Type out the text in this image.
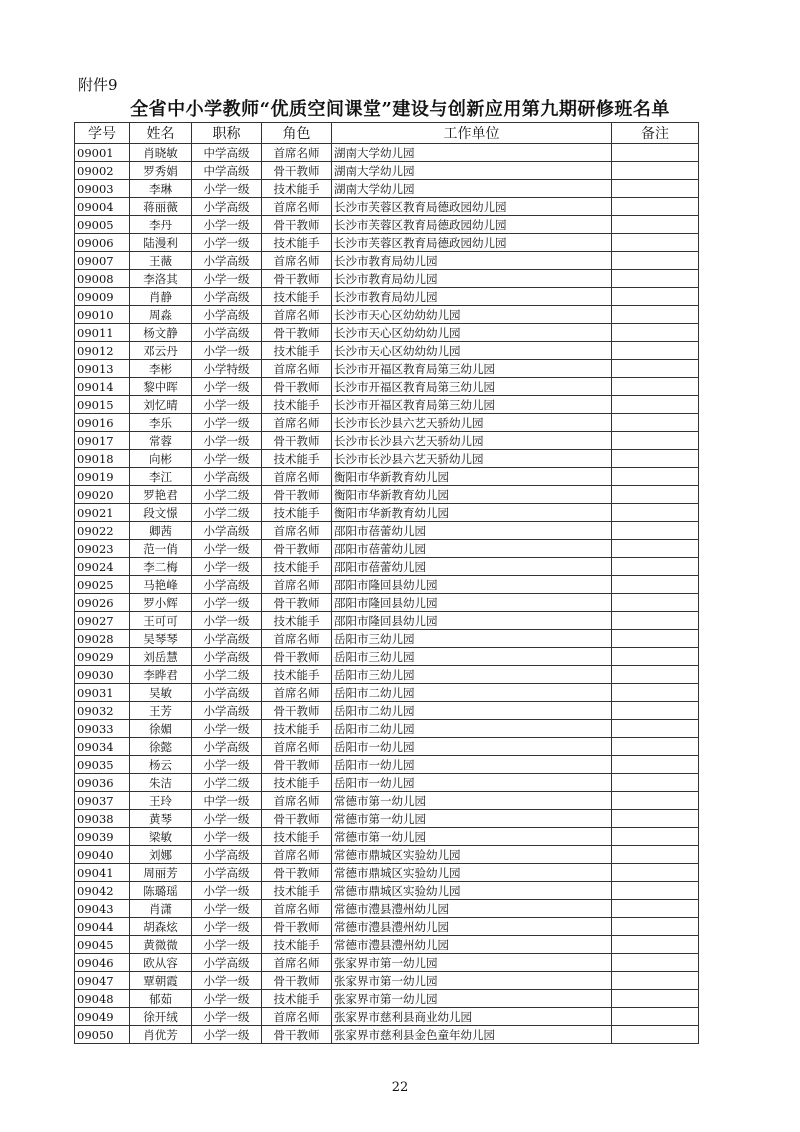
附件9
全省中小学教师“优质空间课堂”建设与创新应用第九期研修班名单
学号	姓名	职称	角色	工作单位	备注
09001	肖晓敏	中学高级	首席名师	湖南大学幼儿园	
09002	罗秀娟	中学高级	骨干教师	湖南大学幼儿园	
09003	李琳	小学一级	技术能手	湖南大学幼儿园	
09004	蒋丽薇	小学高级	首席名师	长沙市芙蓉区教育局德政园幼儿园	
09005	李丹	小学一级	骨干教师	长沙市芙蓉区教育局德政园幼儿园	
09006	陆漫利	小学一级	技术能手	长沙市芙蓉区教育局德政园幼儿园	
09007	王薇	小学高级	首席名师	长沙市教育局幼儿园	
09008	李洛其	小学一级	骨干教师	长沙市教育局幼儿园	
09009	肖静	小学高级	技术能手	长沙市教育局幼儿园	
09010	周淼	小学高级	首席名师	长沙市天心区幼幼幼儿园	
09011	杨文静	小学高级	骨干教师	长沙市天心区幼幼幼儿园	
09012	邓云丹	小学一级	技术能手	长沙市天心区幼幼幼儿园	
09013	李彬	小学特级	首席名师	长沙市开福区教育局第三幼儿园	
09014	黎中晖	小学一级	骨干教师	长沙市开福区教育局第三幼儿园	
09015	刘忆晴	小学一级	技术能手	长沙市开福区教育局第三幼儿园	
09016	李乐	小学一级	首席名师	长沙市长沙县六艺天骄幼儿园	
09017	常蓉	小学一级	骨干教师	长沙市长沙县六艺天骄幼儿园	
09018	向彬	小学一级	技术能手	长沙市长沙县六艺天骄幼儿园	
09019	李江	小学高级	首席名师	衡阳市华新教育幼儿园	
09020	罗艳君	小学二级	骨干教师	衡阳市华新教育幼儿园	
09021	段文憬	小学二级	技术能手	衡阳市华新教育幼儿园	
09022	卿茜	小学高级	首席名师	邵阳市蓓蕾幼儿园	
09023	范一俏	小学一级	骨干教师	邵阳市蓓蕾幼儿园	
09024	李二梅	小学一级	技术能手	邵阳市蓓蕾幼儿园	
09025	马艳峰	小学高级	首席名师	邵阳市隆回县幼儿园	
09026	罗小辉	小学一级	骨干教师	邵阳市隆回县幼儿园	
09027	王可可	小学一级	技术能手	邵阳市隆回县幼儿园	
09028	吴琴琴	小学高级	首席名师	岳阳市三幼儿园	
09029	刘岳慧	小学高级	骨干教师	岳阳市三幼儿园	
09030	李晔君	小学二级	技术能手	岳阳市三幼儿园	
09031	吴敏	小学高级	首席名师	岳阳市二幼儿园	
09032	王芳	小学高级	骨干教师	岳阳市二幼儿园	
09033	徐媚	小学一级	技术能手	岳阳市二幼儿园	
09034	徐懿	小学高级	首席名师	岳阳市一幼儿园	
09035	杨云	小学一级	骨干教师	岳阳市一幼儿园	
09036	朱洁	小学二级	技术能手	岳阳市一幼儿园	
09037	王玲	中学一级	首席名师	常德市第一幼儿园	
09038	黄琴	小学一级	骨干教师	常德市第一幼儿园	
09039	梁敏	小学一级	技术能手	常德市第一幼儿园	
09040	刘娜	小学高级	首席名师	常德市鼎城区实验幼儿园	
09041	周丽芳	小学高级	骨干教师	常德市鼎城区实验幼儿园	
09042	陈璐瑶	小学一级	技术能手	常德市鼎城区实验幼儿园	
09043	肖潇	小学一级	首席名师	常德市澧县澧州幼儿园	
09044	胡森炫	小学一级	骨干教师	常德市澧县澧州幼儿园	
09045	黄微微	小学一级	技术能手	常德市澧县澧州幼儿园	
09046	欧从容	小学高级	首席名师	张家界市第一幼儿园	
09047	覃朝霞	小学一级	骨干教师	张家界市第一幼儿园	
09048	郁茹	小学一级	技术能手	张家界市第一幼儿园	
09049	徐开绒	小学一级	首席名师	张家界市慈利县商业幼儿园	
09050	肖优芳	小学一级	骨干教师	张家界市慈利县金色童年幼儿园	
22
